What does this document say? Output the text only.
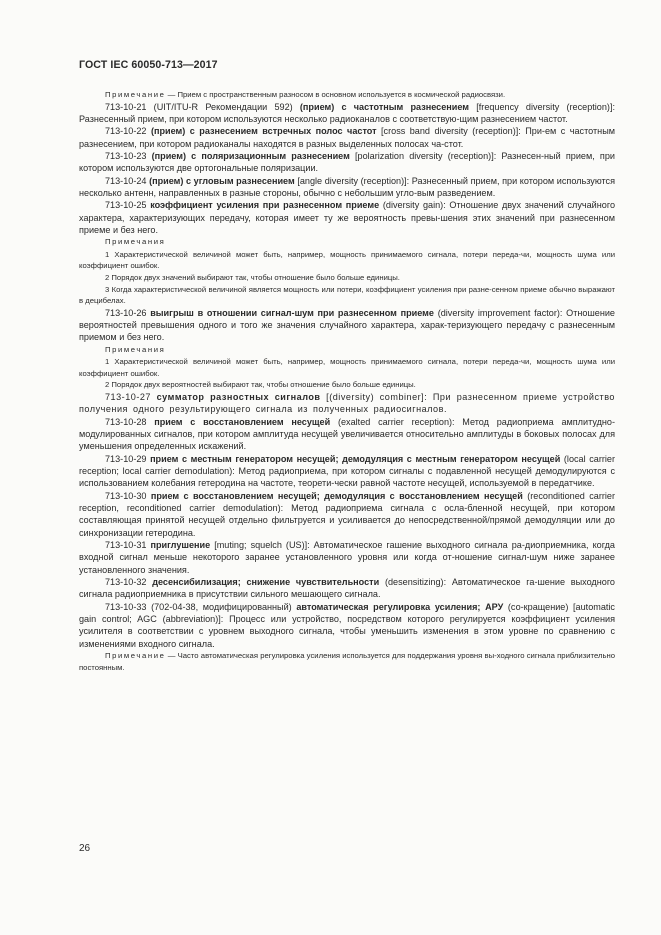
ГОСТ IEC 60050-713—2017

Примечание — Прием с пространственным разносом в основном используется в космической радиосвязи.

713-10-21 (UIT/ITU-R Рекомендации 592) (прием) с частотным разнесением [frequency diversity (reception)]: Разнесенный прием, при котором используются несколько радиоканалов с соответствую-щим разнесением частот.

713-10-22 (прием) с разнесением встречных полос частот [cross band diversity (reception)]: При-ем с частотным разнесением, при котором радиоканалы находятся в разных выделенных полосах ча-стот.

713-10-23 (прием) с поляризационным разнесением [polarization diversity (reception)]: Разнесен-ный прием, при котором используются две ортогональные поляризации.

713-10-24 (прием) с угловым разнесением [angle diversity (reception)]: Разнесенный прием, при котором используются несколько антенн, направленных в разные стороны, обычно с небольшим угло-вым разведением.

713-10-25 коэффициент усиления при разнесенном приеме (diversity gain): Отношение двух значений случайного характера, характеризующих передачу, которая имеет ту же вероятность превы-шения этих значений при разнесенном приеме и без него.

Примечания

1 Характеристической величиной может быть, например, мощность принимаемого сигнала, потери переда-чи, мощность шума или коэффициент ошибок.

2 Порядок двух значений выбирают так, чтобы отношение было больше единицы.

3 Когда характеристической величиной является мощность или потери, коэффициент усиления при разне-сенном приеме обычно выражают в децибелах.

713-10-26 выигрыш в отношении сигнал-шум при разнесенном приеме (diversity improvement factor): Отношение вероятностей превышения одного и того же значения случайного характера, харак-теризующего передачу с разнесенным приемом и без него.

Примечания

1 Характеристической величиной может быть, например, мощность принимаемого сигнала, потери переда-чи, мощность шума или коэффициент ошибок.

2 Порядок двух вероятностей выбирают так, чтобы отношение было больше единицы.

713-10-27 сумматор разностных сигналов [(diversity) combiner]: При разнесенном приеме устройство получения одного результирующего сигнала из полученных радиосигналов.

713-10-28 прием с восстановлением несущей (exalted carrier reception): Метод радиоприема амплитудно-модулированных сигналов, при котором амплитуда несущей увеличивается относительно амплитуды в боковых полосах для уменьшения определенных искажений.

713-10-29 прием с местным генератором несущей; демодуляция с местным генератором несущей (local carrier reception; local carrier demodulation): Метод радиоприема, при котором сигналы с подавленной несущей демодулируются с использованием колебания гетеродина на частоте, теорети-чески равной частоте несущей, используемой в передатчике.

713-10-30 прием с восстановлением несущей; демодуляция с восстановлением несущей (reconditioned carrier reception, reconditioned carrier demodulation): Метод радиоприема сигнала с осла-бленной несущей, при котором составляющая принятой несущей отдельно фильтруется и усиливается до непосредственной/прямой демодуляции или до синхронизации гетеродина.

713-10-31 приглушение [muting; squelch (US)]: Автоматическое гашение выходного сигнала ра-диоприемника, когда входной сигнал меньше некоторого заранее установленного уровня или когда от-ношение сигнал-шум ниже заранее установленного значения.

713-10-32 десенсибилизация; снижение чувствительности (desensitizing): Автоматическое га-шение выходного сигнала радиоприемника в присутствии сильного мешающего сигнала.

713-10-33 (702-04-38, модифицированный) автоматическая регулировка усиления; АРУ (со-кращение) [automatic gain control; AGC (abbreviation)]: Процесс или устройство, посредством которого регулируется коэффициент усиления усилителя в соответствии с уровнем выходного сигнала, чтобы уменьшить изменения в этом уровне по сравнению с изменениями входного сигнала.

Примечание — Часто автоматическая регулировка усиления используется для поддержания уровня вы-ходного сигнала приблизительно постоянным.

26
